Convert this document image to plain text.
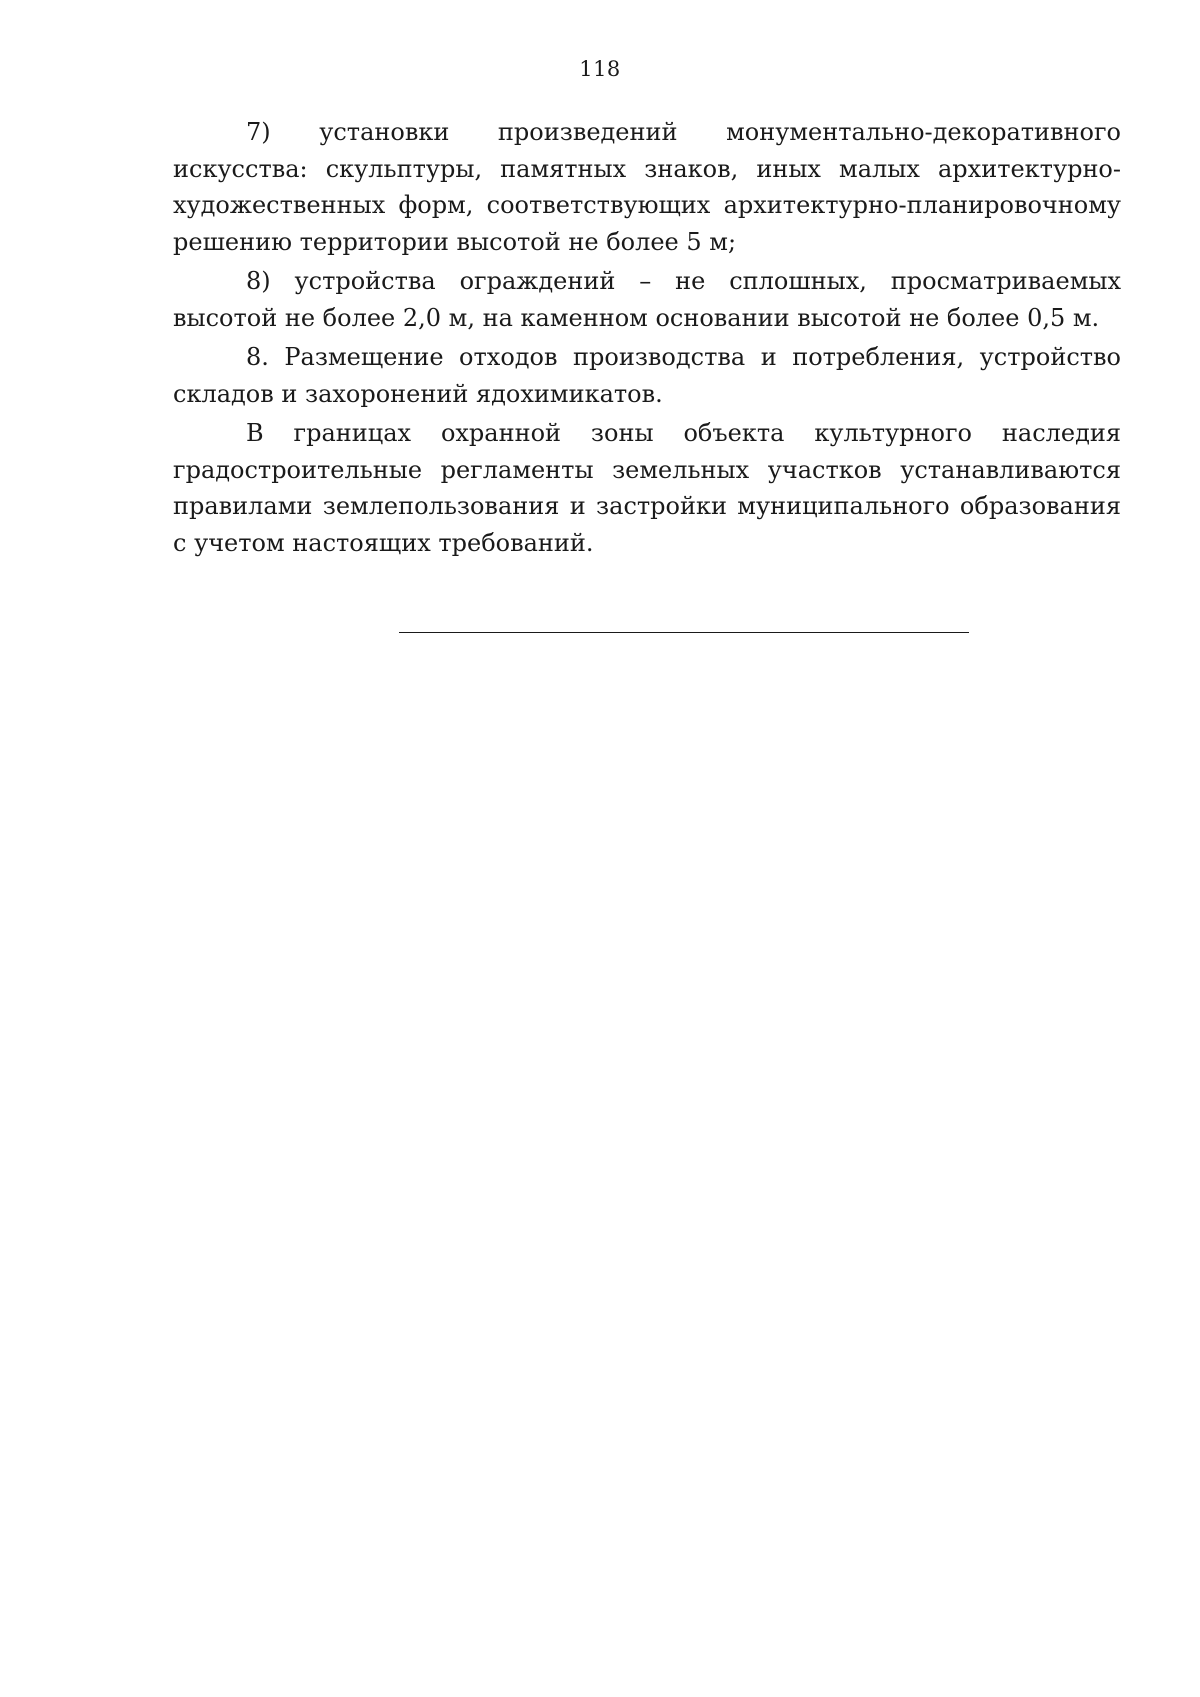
118

7) установки произведений монументально-декоративного искусства: скульптуры, памятных знаков, иных малых архитектурно-художественных форм, соответствующих архитектурно-планировочному решению территории высотой не более 5 м;

8) устройства ограждений – не сплошных, просматриваемых высотой не более 2,0 м, на каменном основании высотой не более 0,5 м.

8. Размещение отходов производства и потребления, устройство складов и захоронений ядохимикатов.

В границах охранной зоны объекта культурного наследия градостроительные регламенты земельных участков устанавливаются правилами землепользования и застройки муниципального образования с учетом настоящих требований.
